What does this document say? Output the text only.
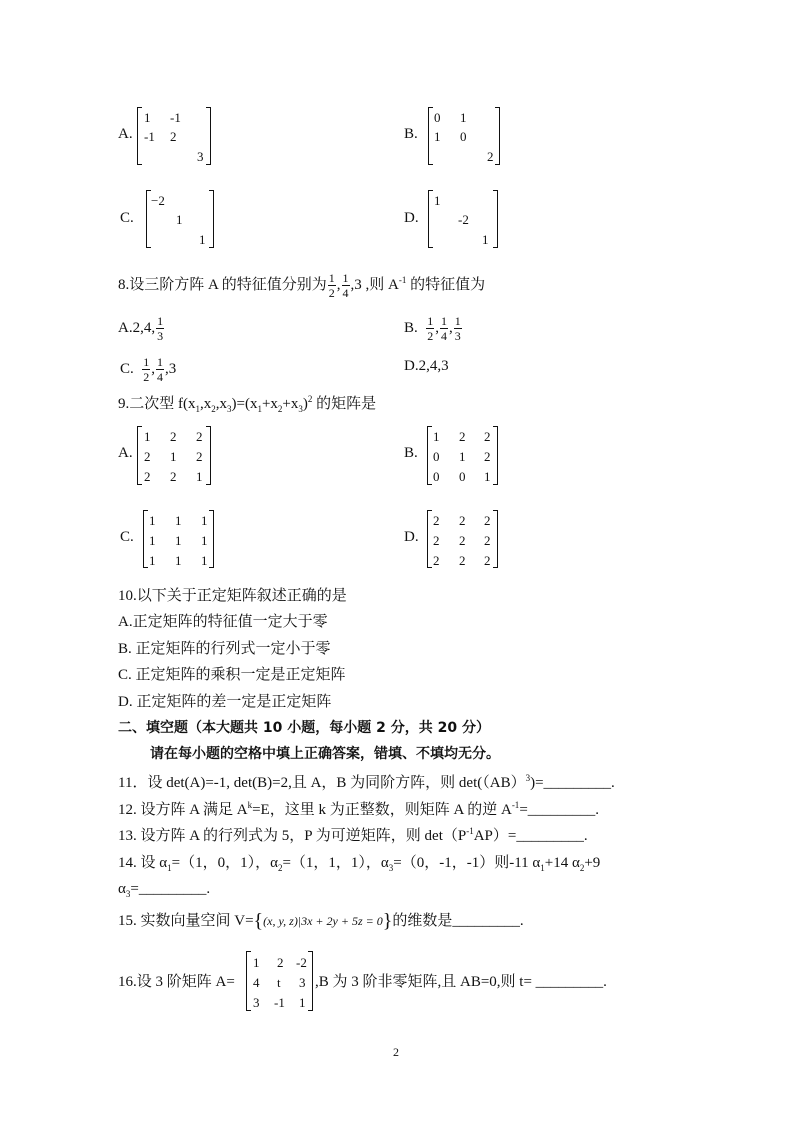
A.
1 -1
-1 2
3
B.
0 1
1 0
2
C.
−2
1
1
D.
1
-2
1
8.设三阶方阵 A 的特征值分别为 $\frac{1}{2}$ , $\frac{1}{4} ,3$ ,则 $A^{-1}$ 的特征值为
A.2,4, $\frac{1}{3}$	B. $\frac{1}{2}$ , $\frac{1}{4}$ , $\frac{1}{3}$
C. $\frac{1}{2}$ , $\frac{1}{4} ,3$	D.2,4,3
9.二次型 $f(x_1,x_2,x_3)=(x_1+x_2+x_3)^2$ 的矩阵是
A.
1 2 2
2 1 2
2 2 1
B.
1 2 2
0 1 2
0 0 1
C.
1 1 1
1 1 1
1 1 1
D.
2 2 2
2 2 2
2 2 2
10.以下关于正定矩阵叙述正确的是
A.正定矩阵的特征值一定大于零
B. 正定矩阵的行列式一定小于零
C. 正定矩阵的乘积一定是正定矩阵
D. 正定矩阵的差一定是正定矩阵
二、填空题（本大题共 10 小题，每小题 2 分，共 20 分）
请在每小题的空格中填上正确答案，错填、不填均无分。
11．设 det(A)=-1, det(B)=2,且 A，B 为同阶方阵，则 det(（AB）$^3$)=_________.
12. 设方阵 A 满足 $A^k=E$，这里 k 为正整数，则矩阵 A 的逆 $A^{-1}=\_\_\_\_\_\_\_\_\_$.
13. 设方阵 A 的行列式为 5，P 为可逆矩阵，则 $\det(P^{-1}AP)=\_\_\_\_\_\_\_\_\_$.
14. 设 $\alpha_1=(1$，0，1），$\alpha_2=(1$，1，1），$\alpha_3=(0$，-1，-1）则-11 $\alpha_1+14$ $\alpha_2+9$
$\alpha_3=\_\_\_\_\_\_\_\_\_$.
15. 实数向量空间 V={(x, y, z)|3x + 2y + 5z = 0}的维数是_________.
16.设 3 阶矩阵 A=
1 2 -2
4 t 3
3 -1 1
,B 为 3 阶非零矩阵,且 AB=0,则 t= _________.
2
